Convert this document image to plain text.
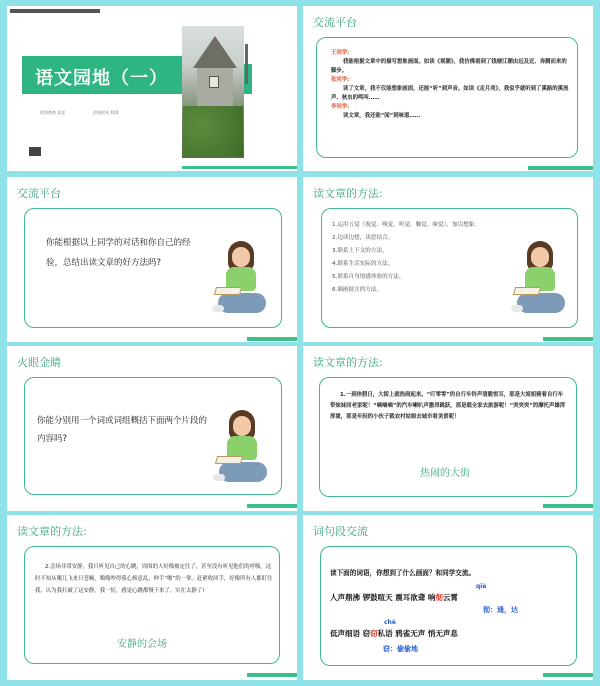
语文园地（一）
授课教师 某某	授课时间 XXX
交流平台
王同学:
我能根据文章中的描写想象画面。如读《观潮》，我仿佛看到了钱塘江潮由远及近、奔腾而来的脚步。
张同学:
读了文章，我不仅能想象画面，还能“听”到声音。如读《走月亮》，我似乎就听到了溪路的溪流声、秋虫的鸣叫……
李同学:
读文章，我还能“闻”到味道……
交流平台
你能根据以上同学的对话和你自己的经验，总结出读文章的好方法吗?
读文章的方法:
1.运用五觉（视觉、嗅觉、听觉、触觉、味觉），加以想象。
2.边读边想，读思结合。
3.联系上下文的方法。
4.联系生活实际的方法。
5.联系自身情感体验的方法。
6.圈画批注的方法。
火眼金睛
你能分别用一个词或词组概括下面两个片段的内容吗?
读文章的方法:
1.一到休假日，大街上就热闹起来。“叮零零”的自行车铃声清脆悦耳，那是大姐姐骑着自行车带妹妹回老家呢！“嘀嘀嘀”的汽车喇叭声激昂跳跃，那是载全家去旅游呢！“突突突”的摩托声雄浑厚重，那是年轻的小伙子载农村姑娘去城市看美景呢！
热闹的大街
读文章的方法:
2.会场非常安静，我只听见自己的心跳，周围的人好像被定住了，甚至没有听见他们的呼吸。这时不知从哪儿飞来只苍蝇，嗡嗡吵得我心烦意乱，伸手“啪”的一掌。赶紧收回手，好像所有人都盯住我，认为我打破了这安静，我一怔，感觉心跳都慢下来了。实在太静了!
安静的会场
词句段交流
读下面的词语，你想到了什么画面？和同学交流。
qiè
人声鼎沸 锣鼓喧天 震耳欲聋 响彻云霄
彻：通，达
chè
低声细语 窃窃私语 鸦雀无声 悄无声息
窃：偷偷地
